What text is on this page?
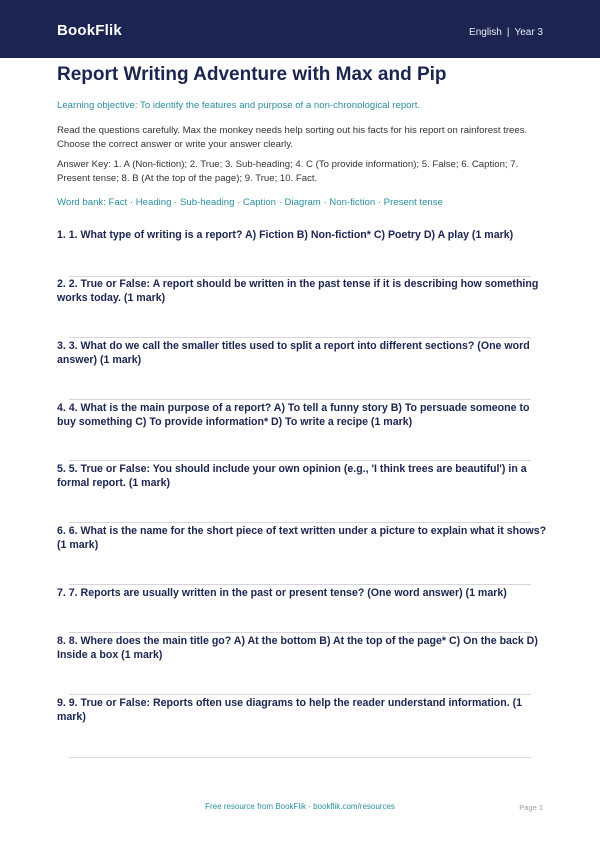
BookFlik	English | Year 3
Report Writing Adventure with Max and Pip
Learning objective: To identify the features and purpose of a non-chronological report.
Read the questions carefully. Max the monkey needs help sorting out his facts for his report on rainforest trees. Choose the correct answer or write your answer clearly.
Answer Key: 1. A (Non-fiction); 2. True; 3. Sub-heading; 4. C (To provide information); 5. False; 6. Caption; 7. Present tense; 8. B (At the top of the page); 9. True; 10. Fact.
Word bank: Fact · Heading · Sub-heading · Caption · Diagram · Non-fiction · Present tense
1. 1. What type of writing is a report? A) Fiction B) Non-fiction* C) Poetry D) A play (1 mark)
2. 2. True or False: A report should be written in the past tense if it is describing how something works today. (1 mark)
3. 3. What do we call the smaller titles used to split a report into different sections? (One word answer) (1 mark)
4. 4. What is the main purpose of a report? A) To tell a funny story B) To persuade someone to buy something C) To provide information* D) To write a recipe (1 mark)
5. 5. True or False: You should include your own opinion (e.g., 'I think trees are beautiful') in a formal report. (1 mark)
6. 6. What is the name for the short piece of text written under a picture to explain what it shows? (1 mark)
7. 7. Reports are usually written in the past or present tense? (One word answer) (1 mark)
8. 8. Where does the main title go? A) At the bottom B) At the top of the page* C) On the back D) Inside a box (1 mark)
9. 9. True or False: Reports often use diagrams to help the reader understand information. (1 mark)
Free resource from BookFlik · bookflik.com/resources	Page 1
